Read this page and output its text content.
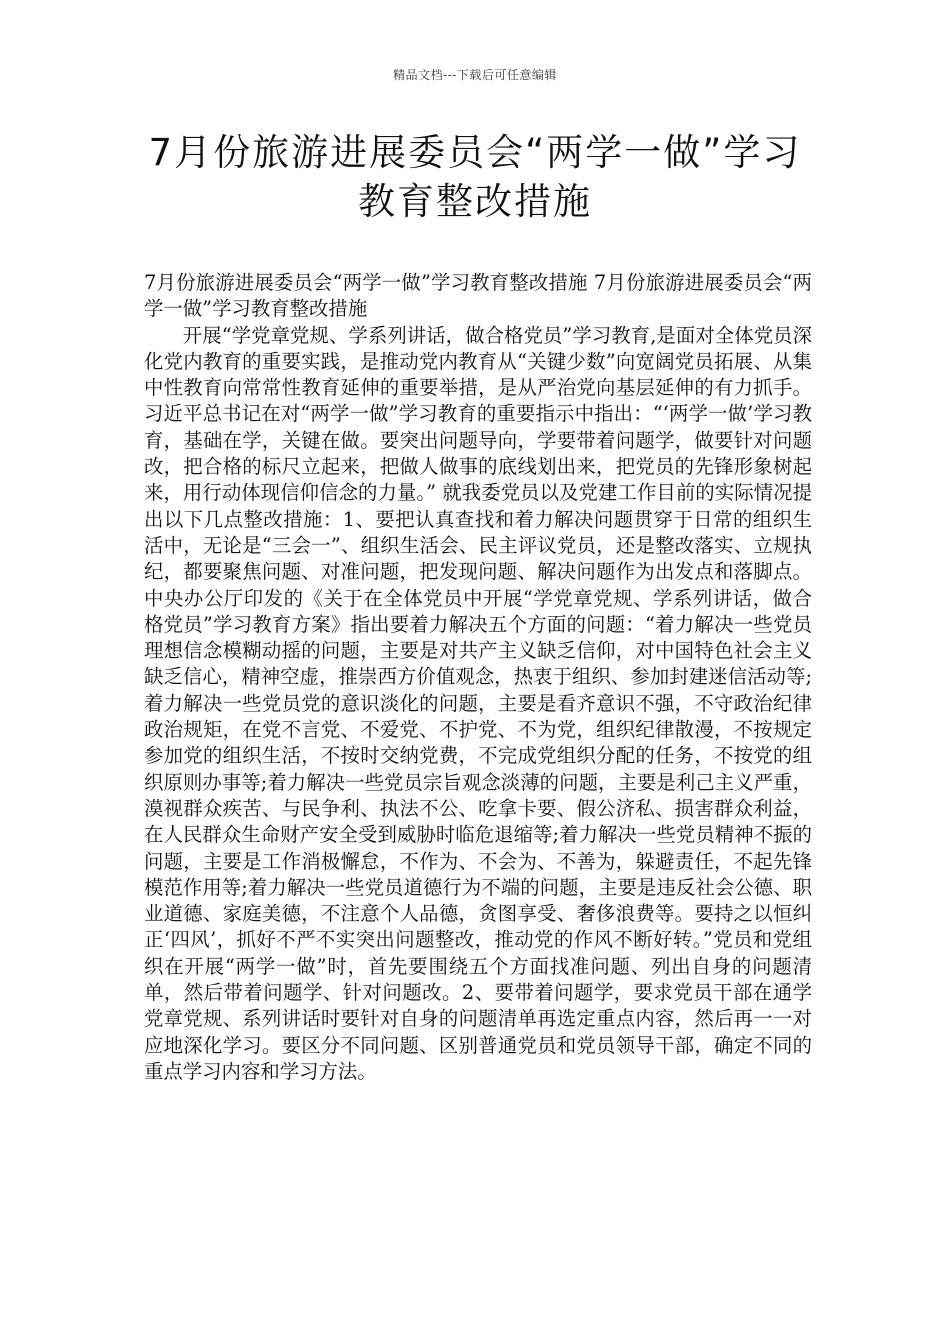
精品文档---下载后可任意编辑
7月份旅游进展委员会“两学一做”学习教育整改措施

7月份旅游进展委员会“两学一做”学习教育整改措施 7月份旅游进展委员会“两学一做”学习教育整改措施

开展“学党章党规、学系列讲话，做合格党员”学习教育,是面对全体党员深化党内教育的重要实践，是推动党内教育从“关键少数”向宽阔党员拓展、从集中性教育向常常性教育延伸的重要举措，是从严治党向基层延伸的有力抓手。习近平总书记在对“两学一做”学习教育的重要指示中指出：“‘两学一做’学习教育，基础在学，关键在做。要突出问题导向，学要带着问题学，做要针对问题改，把合格的标尺立起来，把做人做事的底线划出来，把党员的先锋形象树起来，用行动体现信仰信念的力量。” 就我委党员以及党建工作目前的实际情况提出以下几点整改措施：1、要把认真查找和着力解决问题贯穿于日常的组织生活中，无论是“三会一”、组织生活会、民主评议党员，还是整改落实、立规执纪，都要聚焦问题、对准问题，把发现问题、解决问题作为出发点和落脚点。中央办公厅印发的《关于在全体党员中开展“学党章党规、学系列讲话，做合格党员”学习教育方案》指出要着力解决五个方面的问题：“着力解决一些党员理想信念模糊动摇的问题，主要是对共产主义缺乏信仰，对中国特色社会主义缺乏信心，精神空虚，推崇西方价值观念，热衷于组织、参加封建迷信活动等;着力解决一些党员党的意识淡化的问题，主要是看齐意识不强，不守政治纪律政治规矩，在党不言党、不爱党、不护党、不为党，组织纪律散漫，不按规定参加党的组织生活，不按时交纳党费，不完成党组织分配的任务，不按党的组织原则办事等;着力解决一些党员宗旨观念淡薄的问题，主要是利己主义严重，漠视群众疾苦、与民争利、执法不公、吃拿卡要、假公济私、损害群众利益，在人民群众生命财产安全受到威胁时临危退缩等;着力解决一些党员精神不振的问题，主要是工作消极懈怠，不作为、不会为、不善为，躲避责任，不起先锋模范作用等;着力解决一些党员道德行为不端的问题，主要是违反社会公德、职业道德、家庭美德，不注意个人品德，贪图享受、奢侈浪费等。要持之以恒纠正‘四风’，抓好不严不实突出问题整改，推动党的作风不断好转。”党员和党组织在开展“两学一做”时，首先要围绕五个方面找准问题、列出自身的问题清单，然后带着问题学、针对问题改。2、要带着问题学，要求党员干部在通学党章党规、系列讲话时要针对自身的问题清单再选定重点内容，然后再一一对应地深化学习。要区分不同问题、区别普通党员和党员领导干部，确定不同的重点学习内容和学习方法。
